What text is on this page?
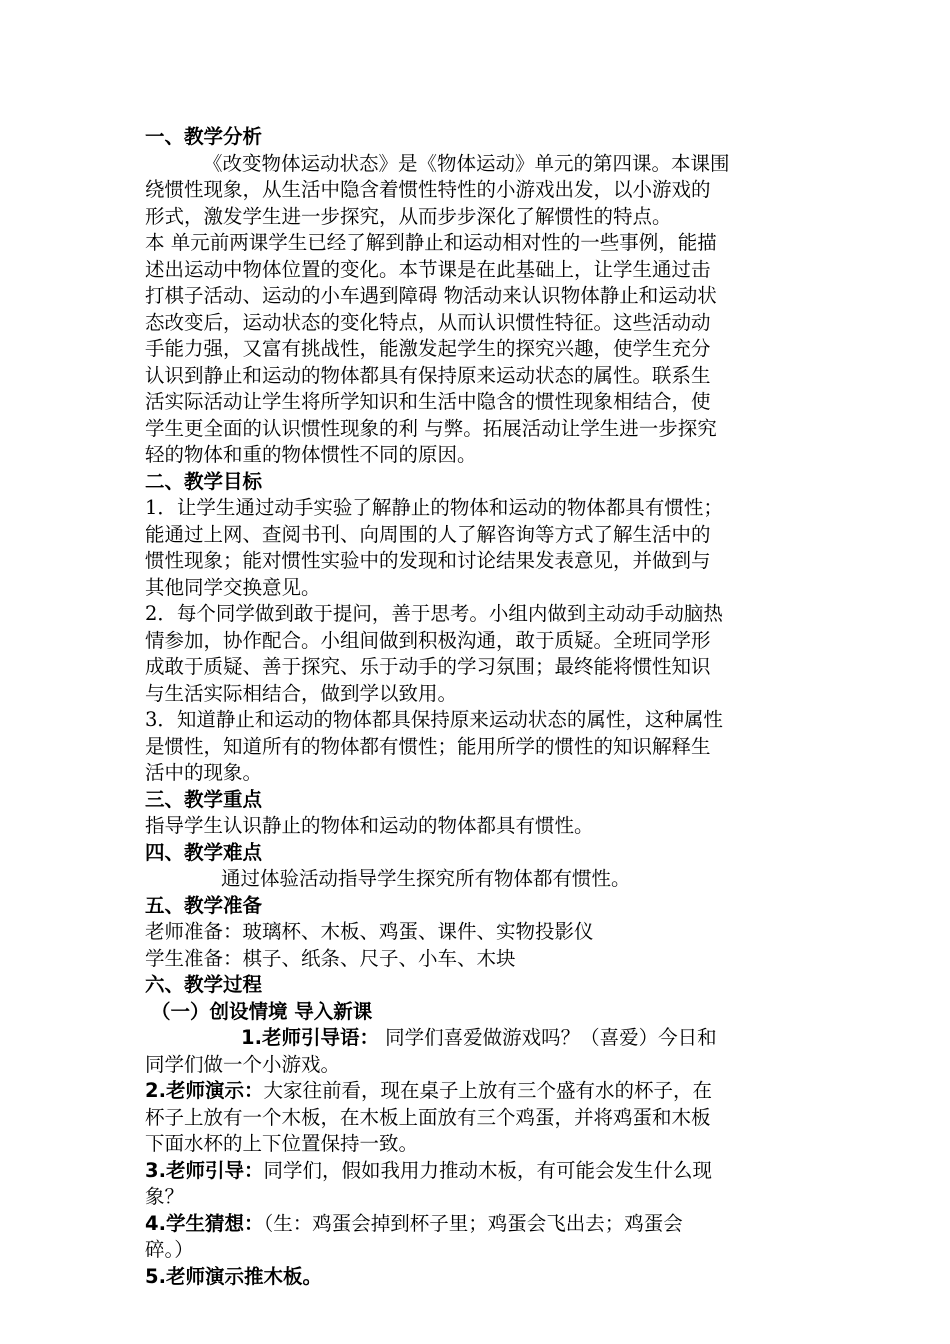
一、教学分析
《改变物体运动状态》是《物体运动》单元的第四课。本课围
绕惯性现象，从生活中隐含着惯性特性的小游戏出发，以小游戏的
形式，激发学生进一步探究，从而步步深化了解惯性的特点。
本 单元前两课学生已经了解到静止和运动相对性的一些事例，能描
述出运动中物体位置的变化。本节课是在此基础上，让学生通过击
打棋子活动、运动的小车遇到障碍 物活动来认识物体静止和运动状
态改变后，运动状态的变化特点，从而认识惯性特征。这些活动动
手能力强，又富有挑战性，能激发起学生的探究兴趣，使学生充分
认识到静止和运动的物体都具有保持原来运动状态的属性。联系生
活实际活动让学生将所学知识和生活中隐含的惯性现象相结合，使
学生更全面的认识惯性现象的利 与弊。拓展活动让学生进一步探究
轻的物体和重的物体惯性不同的原因。
二、教学目标
1．让学生通过动手实验了解静止的物体和运动的物体都具有惯性；
能通过上网、查阅书刊、向周围的人了解咨询等方式了解生活中的
惯性现象；能对惯性实验中的发现和讨论结果发表意见，并做到与
其他同学交换意见。
2．每个同学做到敢于提问，善于思考。小组内做到主动动手动脑热
情参加，协作配合。小组间做到积极沟通，敢于质疑。全班同学形
成敢于质疑、善于探究、乐于动手的学习氛围；最终能将惯性知识
与生活实际相结合，做到学以致用。
3．知道静止和运动的物体都具保持原来运动状态的属性，这种属性
是惯性，知道所有的物体都有惯性；能用所学的惯性的知识解释生
活中的现象。
三、教学重点
指导学生认识静止的物体和运动的物体都具有惯性。
四、教学难点
通过体验活动指导学生探究所有物体都有惯性。
五、教学准备
老师准备：玻璃杯、木板、鸡蛋、课件、实物投影仪
学生准备：棋子、纸条、尺子、小车、木块
六、教学过程
（一）创设情境 导入新课
1.老师引导语： 同学们喜爱做游戏吗？（喜爱）今日和
同学们做一个小游戏。
2.老师演示：大家往前看，现在桌子上放有三个盛有水的杯子，在
杯子上放有一个木板，在木板上面放有三个鸡蛋，并将鸡蛋和木板
下面水杯的上下位置保持一致。
3.老师引导：同学们，假如我用力推动木板，有可能会发生什么现
象？
4.学生猜想：（生：鸡蛋会掉到杯子里；鸡蛋会飞出去；鸡蛋会
碎。）
5.老师演示推木板。
